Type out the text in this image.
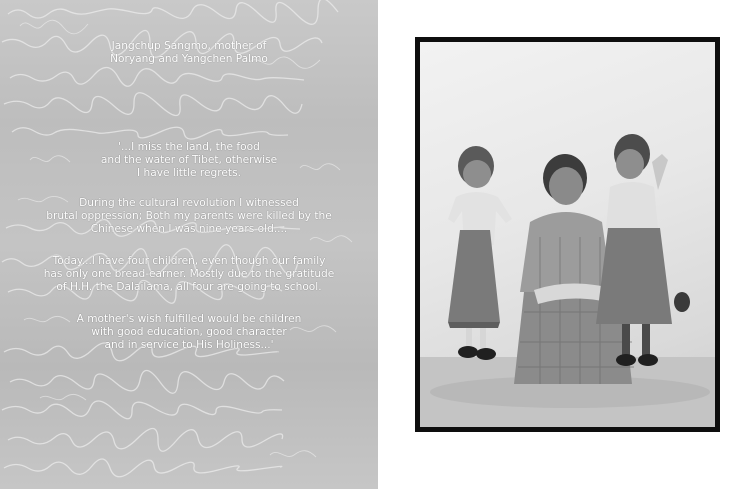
Jangchup Sangmo, mother of

Noryang and Yangchen Palmo

'...I miss the land, the food
and the water of Tibet, otherwise
I have little regrets.
During the cultural revolution I witnessed
brutal oppression; Both my parents were killed by the
Chinese when I was nine years old....
Today...I have four children, even though our family
has only one bread-earner. Mostly due to the gratitude
of H.H. the Dalailama, all four are going to school.
A mother's wish fulfilled would be children
with good education, good character
and in service to His Holiness...'
